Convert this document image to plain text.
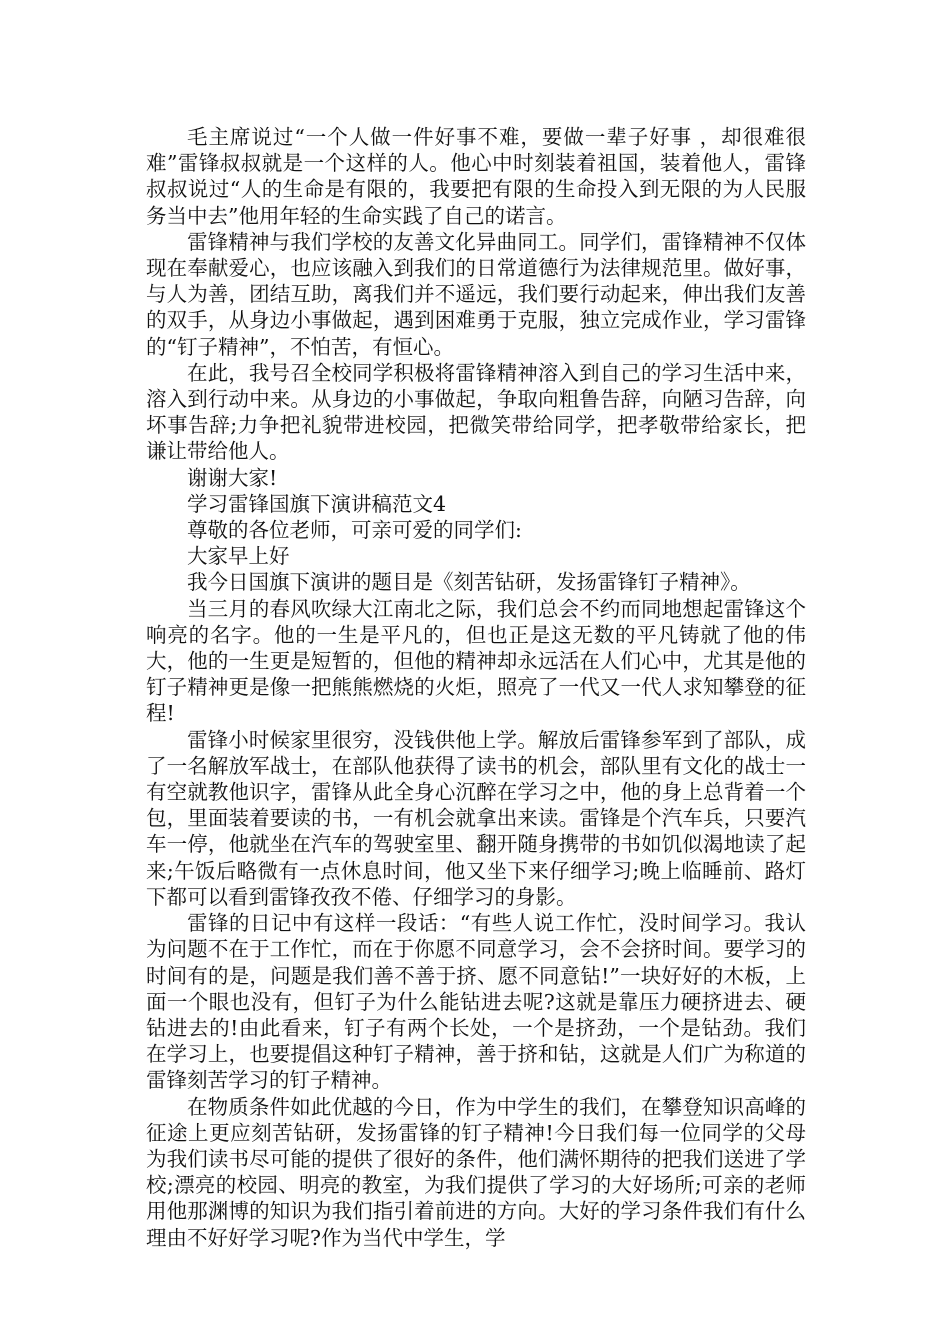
毛主席说过“一个人做一件好事不难，要做一辈子好事 ，却很难很难”雷锋叔叔就是一个这样的人。他心中时刻装着祖国，装着他人，雷锋叔叔说过“人的生命是有限的，我要把有限的生命投入到无限的为人民服务当中去”他用年轻的生命实践了自己的诺言。

雷锋精神与我们学校的友善文化异曲同工。同学们，雷锋精神不仅体现在奉献爱心，也应该融入到我们的日常道德行为法律规范里。做好事，与人为善，团结互助，离我们并不遥远，我们要行动起来，伸出我们友善的双手，从身边小事做起，遇到困难勇于克服，独立完成作业，学习雷锋的“钉子精神”，不怕苦，有恒心。

在此，我号召全校同学积极将雷锋精神溶入到自己的学习生活中来，溶入到行动中来。从身边的小事做起，争取向粗鲁告辞，向陋习告辞，向坏事告辞;力争把礼貌带进校园，把微笑带给同学，把孝敬带给家长，把谦让带给他人。

谢谢大家!

学习雷锋国旗下演讲稿范文4

尊敬的各位老师，可亲可爱的同学们:

大家早上好

我今日国旗下演讲的题目是《刻苦钻研，发扬雷锋钉子精神》。

当三月的春风吹绿大江南北之际，我们总会不约而同地想起雷锋这个响亮的名字。他的一生是平凡的，但也正是这无数的平凡铸就了他的伟大，他的一生更是短暂的，但他的精神却永远活在人们心中，尤其是他的钉子精神更是像一把熊熊燃烧的火炬，照亮了一代又一代人求知攀登的征程!

雷锋小时候家里很穷，没钱供他上学。解放后雷锋参军到了部队，成了一名解放军战士，在部队他获得了读书的机会，部队里有文化的战士一有空就教他识字，雷锋从此全身心沉醉在学习之中，他的身上总背着一个包，里面装着要读的书，一有机会就拿出来读。雷锋是个汽车兵，只要汽车一停，他就坐在汽车的驾驶室里、翻开随身携带的书如饥似渴地读了起来;午饭后略微有一点休息时间，他又坐下来仔细学习;晚上临睡前、路灯下都可以看到雷锋孜孜不倦、仔细学习的身影。

雷锋的日记中有这样一段话：“有些人说工作忙，没时间学习。我认为问题不在于工作忙，而在于你愿不同意学习，会不会挤时间。要学习的时间有的是，问题是我们善不善于挤、愿不同意钻!”一块好好的木板，上面一个眼也没有，但钉子为什么能钻进去呢?这就是靠压力硬挤进去、硬钻进去的!由此看来，钉子有两个长处，一个是挤劲，一个是钻劲。我们在学习上，也要提倡这种钉子精神，善于挤和钻，这就是人们广为称道的雷锋刻苦学习的钉子精神。

在物质条件如此优越的今日，作为中学生的我们，在攀登知识高峰的征途上更应刻苦钻研，发扬雷锋的钉子精神!今日我们每一位同学的父母为我们读书尽可能的提供了很好的条件，他们满怀期待的把我们送进了学校;漂亮的校园、明亮的教室，为我们提供了学习的大好场所;可亲的老师用他那渊博的知识为我们指引着前进的方向。大好的学习条件我们有什么理由不好好学习呢?作为当代中学生，学
